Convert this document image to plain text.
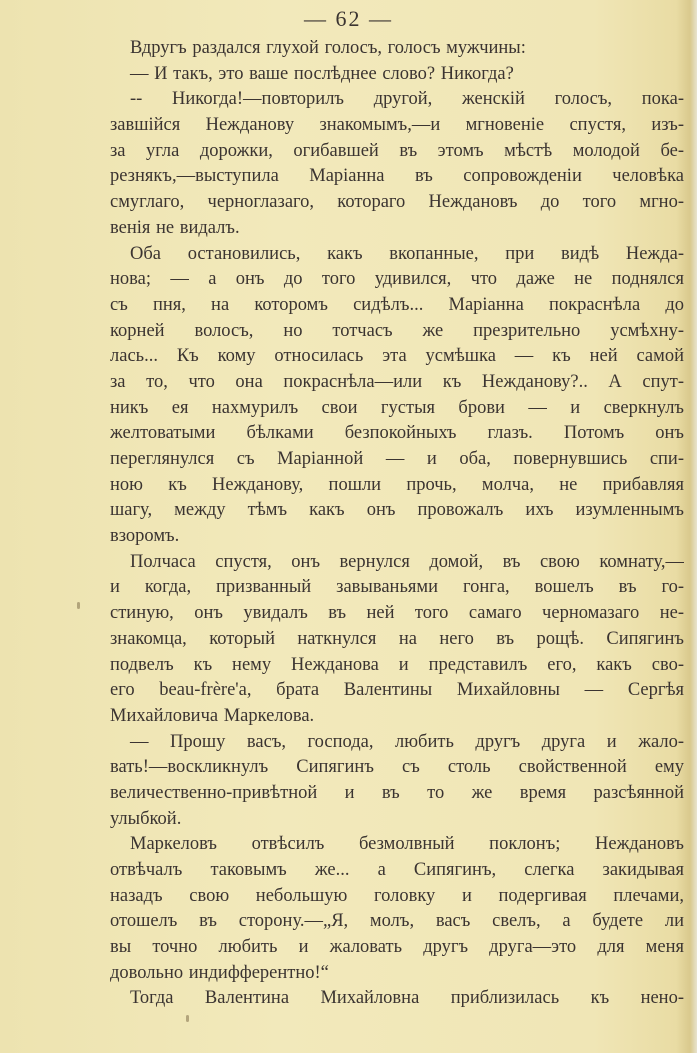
— 62 —
Вдругъ раздался глухой голосъ, голосъ мужчины:
— И такъ, это ваше послѣднее слово? Никогда?
-- Никогда!—повторилъ другой, женскій голосъ, пока-
завшійся Нежданову знакомымъ,—и мгновеніе спустя, изъ-
за угла дорожки, огибавшей въ этомъ мѣстѣ молодой бе-
резнякъ,—выступила Маріанна въ сопровожденіи человѣка
смуглаго, черноглазаго, котораго Неждановъ до того мгно-
венія не видалъ.
Оба остановились, какъ вкопанные, при видѣ Нежда-
нова; — а онъ до того удивился, что даже не поднялся
съ пня, на которомъ сидѣлъ... Маріанна покраснѣла до
корней волосъ, но тотчасъ же презрительно усмѣхну-
лась... Къ кому относилась эта усмѣшка — къ ней самой
за то, что она покраснѣла—или къ Нежданову?.. А спут-
никъ ея нахмурилъ свои густыя брови — и сверкнулъ
желтоватыми бѣлками безпокойныхъ глазъ. Потомъ онъ
переглянулся съ Маріанной — и оба, повернувшись спи-
ною къ Нежданову, пошли прочь, молча, не прибавляя
шагу, между тѣмъ какъ онъ провожалъ ихъ изумленнымъ
взоромъ.
Полчаса спустя, онъ вернулся домой, въ свою комнату,—
и когда, призванный завываньями гонга, вошелъ въ го-
стиную, онъ увидалъ въ ней того самаго черномазаго не-
знакомца, который наткнулся на него въ рощѣ. Сипягинъ
подвелъ къ нему Нежданова и представилъ его, какъ сво-
его beau-frère'a, брата Валентины Михайловны — Сергѣя
Михайловича Маркелова.
— Прошу васъ, господа, любить другъ друга и жало-
вать!—воскликнулъ Сипягинъ съ столь свойственной ему
величественно-привѣтной и въ то же время разсѣянной
улыбкой.
Маркеловъ отвѣсилъ безмолвный поклонъ; Неждановъ
отвѣчалъ таковымъ же... а Сипягинъ, слегка закидывая
назадъ свою небольшую головку и подергивая плечами,
отошелъ въ сторону.—„Я, молъ, васъ свелъ, а будете ли
вы точно любить и жаловать другъ друга—это для меня
довольно индифферентно!“
Тогда Валентина Михайловна приблизилась къ нено-
